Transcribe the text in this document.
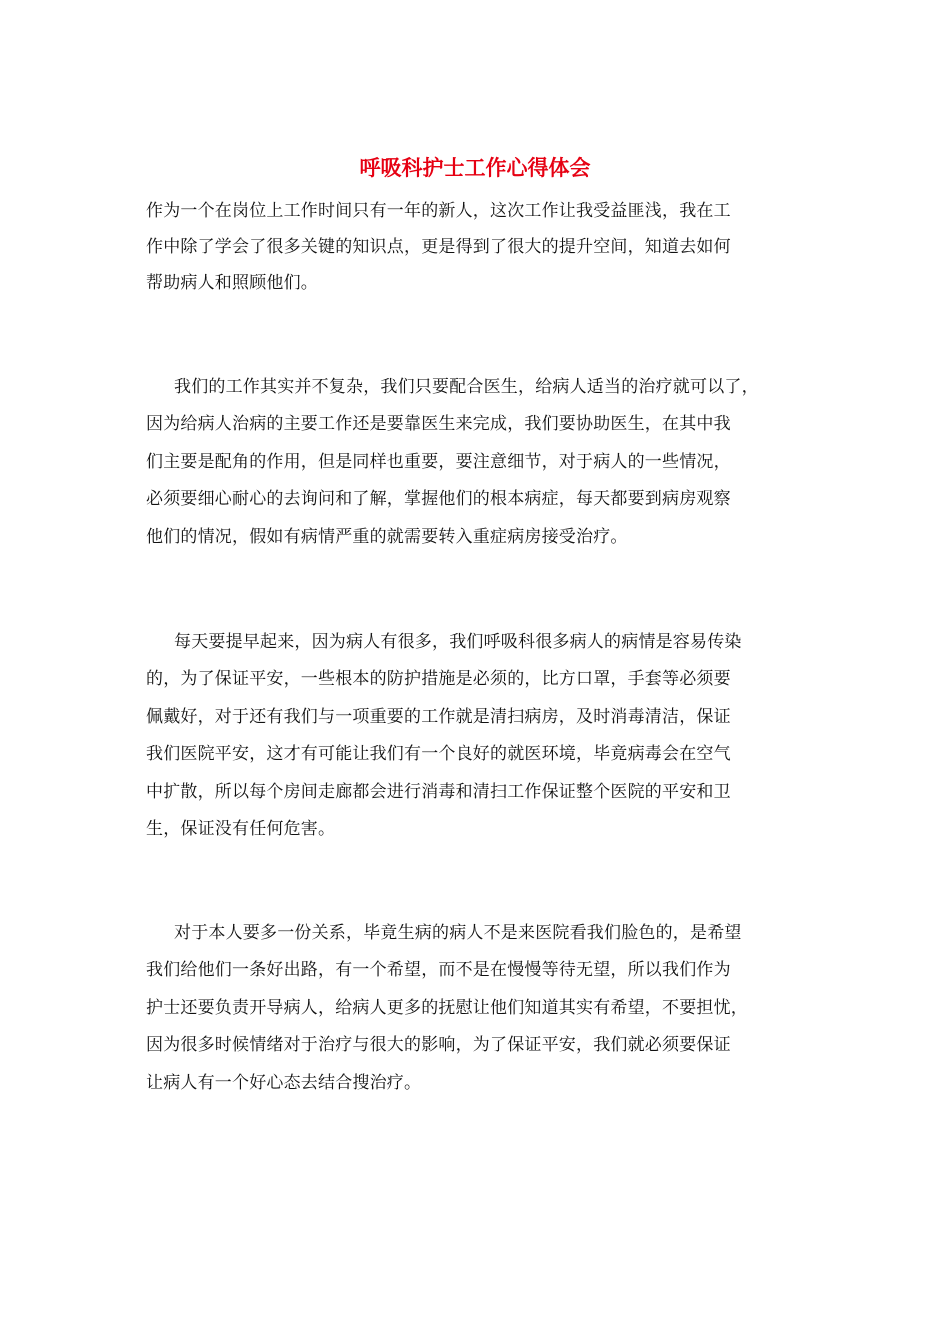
呼吸科护士工作心得体会
作为一个在岗位上工作时间只有一年的新人，这次工作让我受益匪浅，我在工
作中除了学会了很多关键的知识点，更是得到了很大的提升空间，知道去如何
帮助病人和照顾他们。
我们的工作其实并不复杂，我们只要配合医生，给病人适当的治疗就可以了，
因为给病人治病的主要工作还是要靠医生来完成，我们要协助医生，在其中我
们主要是配角的作用，但是同样也重要，要注意细节，对于病人的一些情况，
必须要细心耐心的去询问和了解，掌握他们的根本病症，每天都要到病房观察
他们的情况，假如有病情严重的就需要转入重症病房接受治疗。
每天要提早起来，因为病人有很多，我们呼吸科很多病人的病情是容易传染
的，为了保证平安，一些根本的防护措施是必须的，比方口罩，手套等必须要
佩戴好，对于还有我们与一项重要的工作就是清扫病房，及时消毒清洁，保证
我们医院平安，这才有可能让我们有一个良好的就医环境，毕竟病毒会在空气
中扩散，所以每个房间走廊都会进行消毒和清扫工作保证整个医院的平安和卫
生，保证没有任何危害。
对于本人要多一份关系，毕竟生病的病人不是来医院看我们脸色的，是希望
我们给他们一条好出路，有一个希望，而不是在慢慢等待无望，所以我们作为
护士还要负责开导病人，给病人更多的抚慰让他们知道其实有希望，不要担忧，
因为很多时候情绪对于治疗与很大的影响，为了保证平安，我们就必须要保证
让病人有一个好心态去结合搜治疗。
